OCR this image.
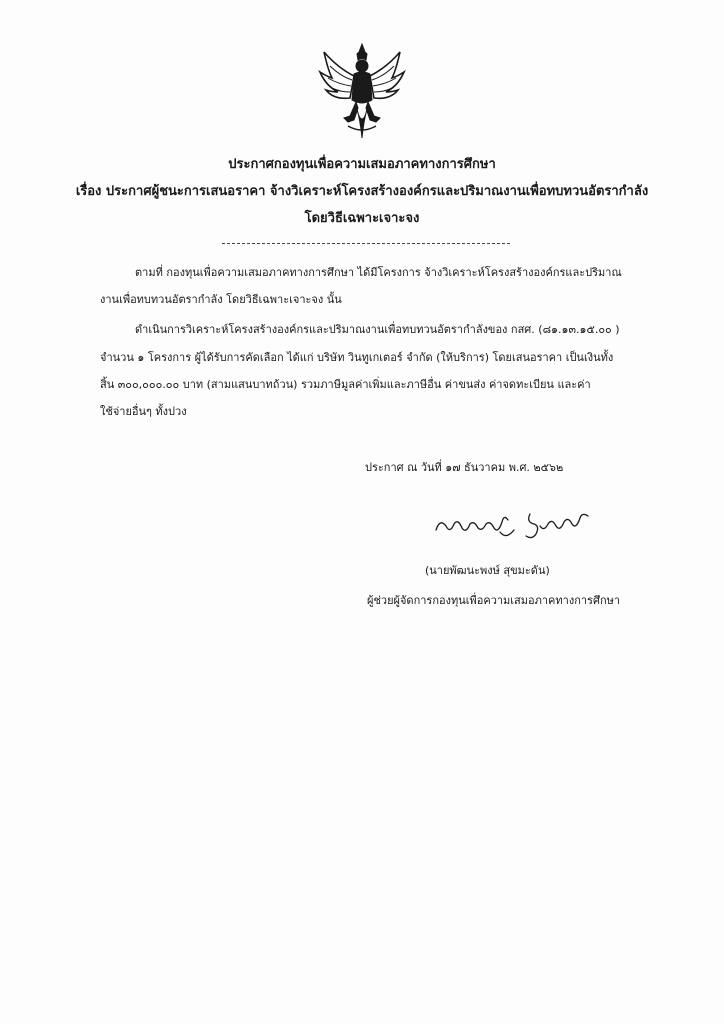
ประกาศกองทุนเพื่อความเสมอภาคทางการศึกษา
เรื่อง ประกาศผู้ชนะการเสนอราคา จ้างวิเคราะห์โครงสร้างองค์กรและปริมาณงานเพื่อทบทวนอัตรากำลัง
โดยวิธีเฉพาะเจาะจง
ตามที่ กองทุนเพื่อความเสมอภาคทางการศึกษา ได้มีโครงการ จ้างวิเคราะห์โครงสร้างองค์กรและปริมาณ
งานเพื่อทบทวนอัตรากำลัง โดยวิธีเฉพาะเจาะจง นั้น
ดำเนินการวิเคราะห์โครงสร้างองค์กรและปริมาณงานเพื่อทบทวนอัตรากำลังของ กสศ. (๘๑.๑๓.๑๕.๐๐ )
จำนวน ๑ โครงการ ผู้ได้รับการคัดเลือก ได้แก่ บริษัท วินทูเกเตอร์ จำกัด (ให้บริการ) โดยเสนอราคา เป็นเงินทั้ง
สิ้น ๓๐๐,๐๐๐.๐๐ บาท (สามแสนบาทถ้วน) รวมภาษีมูลค่าเพิ่มและภาษีอื่น ค่าขนส่ง ค่าจดทะเบียน และค่า
ใช้จ่ายอื่นๆ ทั้งปวง
ประกาศ ณ วันที่ ๑๗ ธันวาคม พ.ศ. ๒๕๖๒
(นายพัฒนะพงษ์ สุขมะดัน)
ผู้ช่วยผู้จัดการกองทุนเพื่อความเสมอภาคทางการศึกษา
